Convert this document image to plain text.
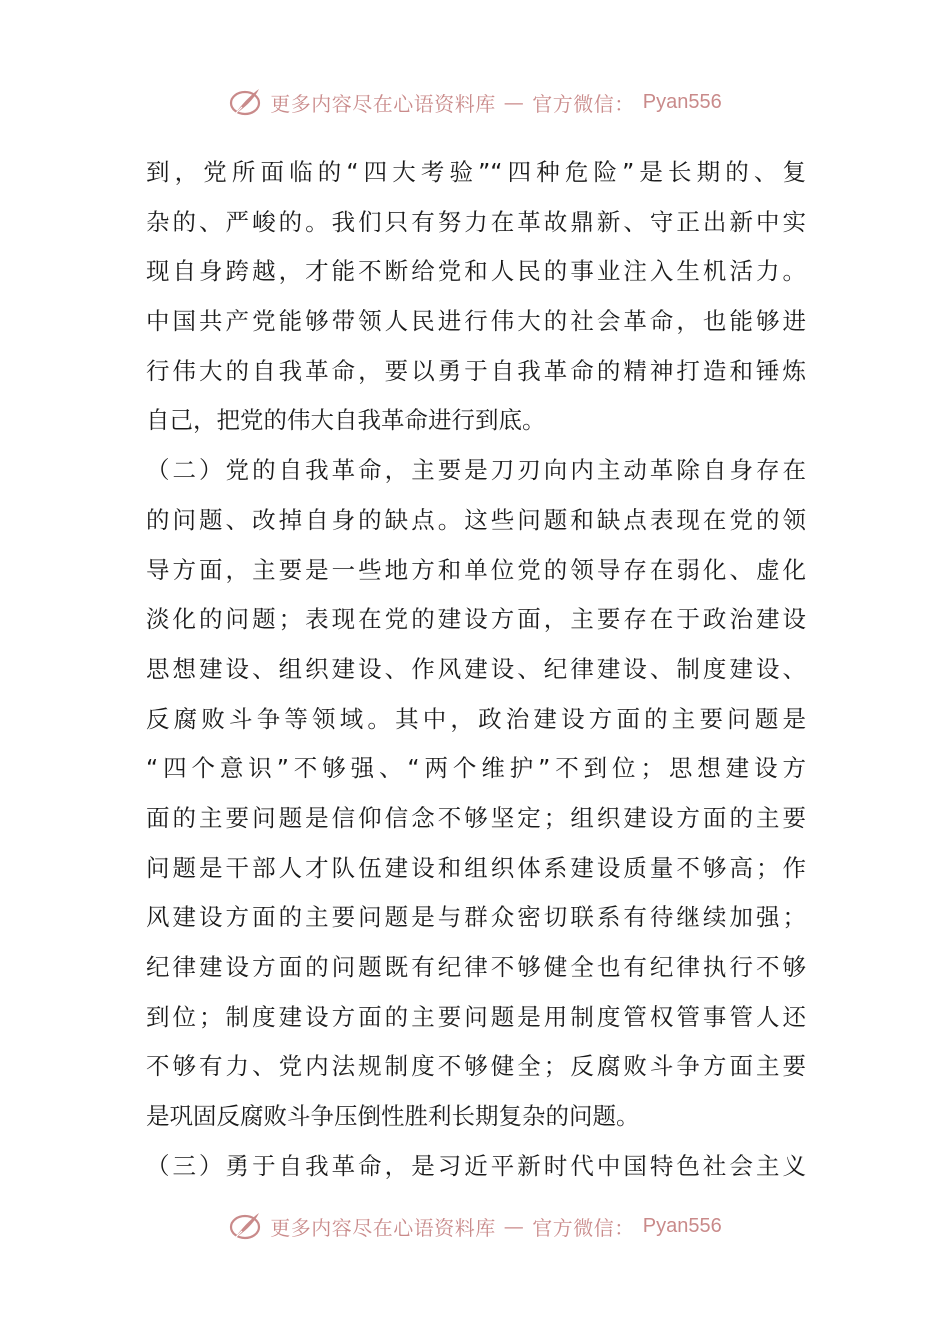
更多内容尽在心语资料库 — 官方微信： Pyan556
到，党所面临的“四大考验”“四种危险”是长期的、复
杂的、严峻的。我们只有努力在革故鼎新、守正出新中实
现自身跨越，才能不断给党和人民的事业注入生机活力。
中国共产党能够带领人民进行伟大的社会革命，也能够进
行伟大的自我革命，要以勇于自我革命的精神打造和锤炼
自己，把党的伟大自我革命进行到底。
（二）党的自我革命，主要是刀刃向内主动革除自身存在
的问题、改掉自身的缺点。这些问题和缺点表现在党的领
导方面，主要是一些地方和单位党的领导存在弱化、虚化
淡化的问题；表现在党的建设方面，主要存在于政治建设
思想建设、组织建设、作风建设、纪律建设、制度建设、
反腐败斗争等领域。其中，政治建设方面的主要问题是
“四个意识”不够强、“两个维护”不到位；思想建设方
面的主要问题是信仰信念不够坚定；组织建设方面的主要
问题是干部人才队伍建设和组织体系建设质量不够高；作
风建设方面的主要问题是与群众密切联系有待继续加强；
纪律建设方面的问题既有纪律不够健全也有纪律执行不够
到位；制度建设方面的主要问题是用制度管权管事管人还
不够有力、党内法规制度不够健全；反腐败斗争方面主要
是巩固反腐败斗争压倒性胜利长期复杂的问题。
（三）勇于自我革命，是习近平新时代中国特色社会主义
更多内容尽在心语资料库 — 官方微信： Pyan556
